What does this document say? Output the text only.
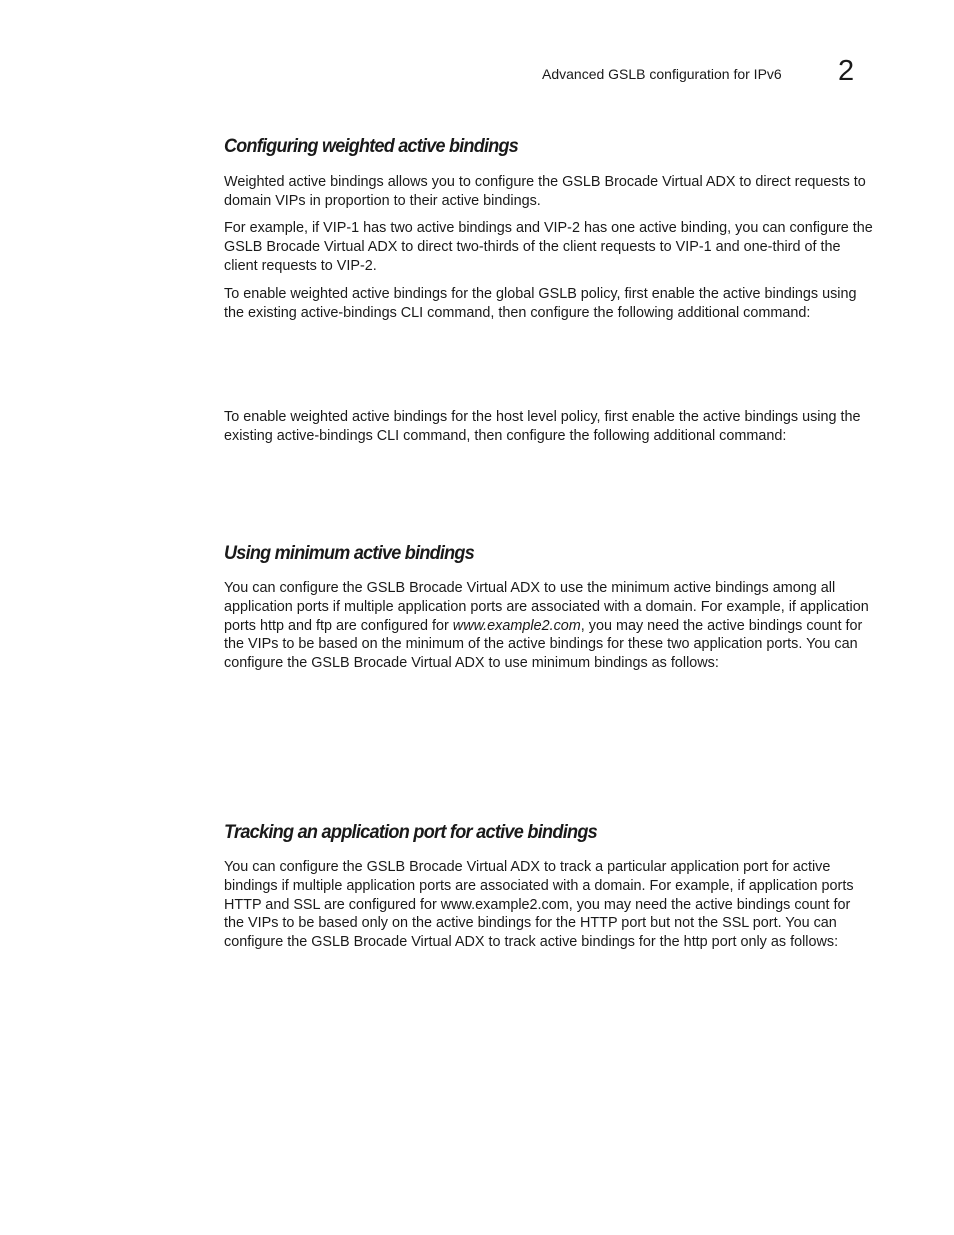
Advanced GSLB configuration for IPv6 2
Configuring weighted active bindings

Weighted active bindings allows you to configure the GSLB Brocade Virtual ADX to direct requests to domain VIPs in proportion to their active bindings.

For example, if VIP-1 has two active bindings and VIP-2 has one active binding, you can configure the GSLB Brocade Virtual ADX to direct two-thirds of the client requests to VIP-1 and one-third of the client requests to VIP-2.

To enable weighted active bindings for the global GSLB policy, first enable the active bindings using the existing active-bindings CLI command, then configure the following additional command:

To enable weighted active bindings for the host level policy, first enable the active bindings using the existing active-bindings CLI command, then configure the following additional command:

Using minimum active bindings

You can configure the GSLB Brocade Virtual ADX to use the minimum active bindings among all application ports if multiple application ports are associated with a domain. For example, if application ports http and ftp are configured for www.example2.com, you may need the active bindings count for the VIPs to be based on the minimum of the active bindings for these two application ports. You can configure the GSLB Brocade Virtual ADX to use minimum bindings as follows:

Tracking an application port for active bindings

You can configure the GSLB Brocade Virtual ADX to track a particular application port for active bindings if multiple application ports are associated with a domain. For example, if application ports HTTP and SSL are configured for www.example2.com, you may need the active bindings count for the VIPs to be based only on the active bindings for the HTTP port but not the SSL port. You can configure the GSLB Brocade Virtual ADX to track active bindings for the http port only as follows:
